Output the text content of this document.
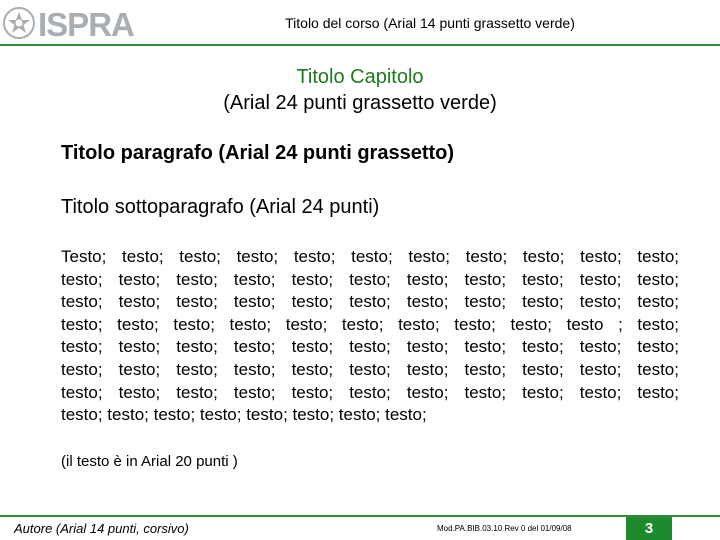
ISPRA	Titolo del corso (Arial 14 punti grassetto verde)
Titolo Capitolo
(Arial 24 punti grassetto verde)
Titolo paragrafo (Arial 24 punti grassetto)
Titolo sottoparagrafo (Arial 24 punti)
Testo; testo; testo; testo; testo; testo; testo; testo; testo; testo; testo;
testo; testo; testo; testo; testo; testo; testo; testo; testo; testo; testo;
testo; testo; testo; testo; testo; testo; testo; testo; testo; testo; testo;
testo; testo; testo; testo; testo; testo; testo; testo; testo; testo ; testo;
testo; testo; testo; testo; testo; testo; testo; testo; testo; testo; testo;
testo; testo; testo; testo; testo; testo; testo; testo; testo; testo; testo;
testo; testo; testo; testo; testo; testo; testo; testo; testo; testo; testo;
testo; testo; testo; testo; testo; testo; testo; testo;
(il testo è in Arial 20 punti )
Autore (Arial 14 punti, corsivo)	Mod.PA.BIB.03.10 Rev 0 del 01/09/08	3
